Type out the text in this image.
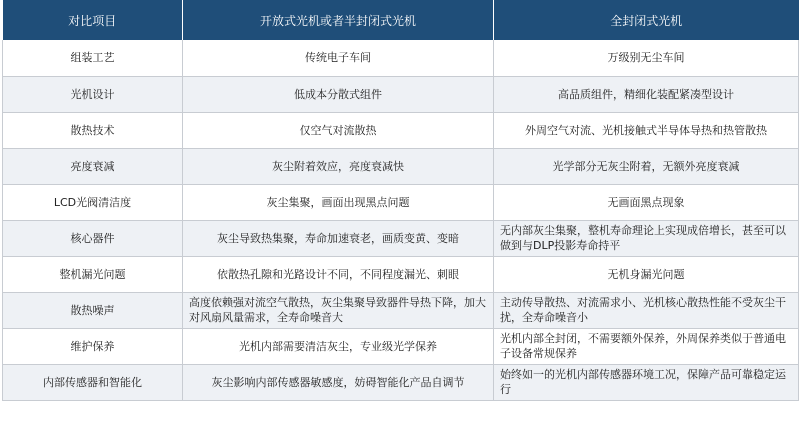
对比项目	开放式光机或者半封闭式光机	全封闭式光机
组装工艺	传统电子车间	万级别无尘车间
光机设计	低成本分散式组件	高品质组件，精细化装配紧凑型设计
散热技术	仅空气对流散热	外周空气对流、光机接触式半导体导热和热管散热
亮度衰减	灰尘附着效应，亮度衰减快	光学部分无灰尘附着，无额外亮度衰减
LCD光阀清洁度	灰尘集聚，画面出现黑点问题	无画面黑点现象
核心器件	灰尘导致热集聚，寿命加速衰老，画质变黄、变暗	无内部灰尘集聚，整机寿命理论上实现成倍增长，甚至可以做到与DLP投影寿命持平
整机漏光问题	依散热孔隙和光路设计不同，不同程度漏光、刺眼	无机身漏光问题
散热噪声	高度依赖强对流空气散热，灰尘集聚导致器件导热下降，加大对风扇风量需求，全寿命噪音大	主动传导散热、对流需求小、光机核心散热性能不受灰尘干扰，全寿命噪音小
维护保养	光机内部需要清洁灰尘，专业级光学保养	光机内部全封闭，不需要额外保养，外周保养类似于普通电子设备常规保养
内部传感器和智能化	灰尘影响内部传感器敏感度，妨碍智能化产品自调节	始终如一的光机内部传感器环境工况，保障产品可靠稳定运行
